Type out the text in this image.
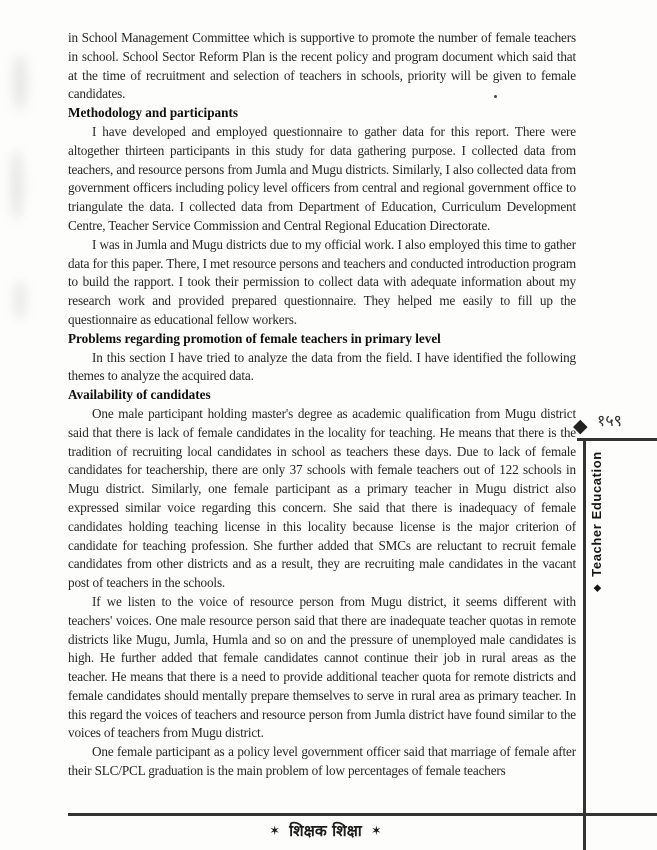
in School Management Committee which is supportive to promote the number of female teachers in school. School Sector Reform Plan is the recent policy and program document which said that at the time of recruitment and selection of teachers in schools, priority will be given to female candidates.

Methodology and participants

I have developed and employed questionnaire to gather data for this report. There were altogether thirteen participants in this study for data gathering purpose. I collected data from teachers, and resource persons from Jumla and Mugu districts. Similarly, I also collected data from government officers including policy level officers from central and regional government office to triangulate the data. I collected data from Department of Education, Curriculum Development Centre, Teacher Service Commission and Central Regional Education Directorate.

I was in Jumla and Mugu districts due to my official work. I also employed this time to gather data for this paper. There, I met resource persons and teachers and conducted introduction program to build the rapport. I took their permission to collect data with adequate information about my research work and provided prepared questionnaire. They helped me easily to fill up the questionnaire as educational fellow workers.

Problems regarding promotion of female teachers in primary level

In this section I have tried to analyze the data from the field. I have identified the following themes to analyze the acquired data.

Availability of candidates

One male participant holding master's degree as academic qualification from Mugu district said that there is lack of female candidates in the locality for teaching. He means that there is the tradition of recruiting local candidates in school as teachers these days. Due to lack of female candidates for teachership, there are only 37 schools with female teachers out of 122 schools in Mugu district. Similarly, one female participant as a primary teacher in Mugu district also expressed similar voice regarding this concern. She said that there is inadequacy of female candidates holding teaching license in this locality because license is the major criterion of candidate for teaching profession. She further added that SMCs are reluctant to recruit female candidates from other districts and as a result, they are recruiting male candidates in the vacant post of teachers in the schools.

If we listen to the voice of resource person from Mugu district, it seems different with teachers' voices. One male resource person said that there are inadequate teacher quotas in remote districts like Mugu, Jumla, Humla and so on and the pressure of unemployed male candidates is high. He further added that female candidates cannot continue their job in rural areas as the teacher. He means that there is a need to provide additional teacher quota for remote districts and female candidates should mentally prepare themselves to serve in rural area as primary teacher. In this regard the voices of teachers and resource person from Jumla district have found similar to the voices of teachers from Mugu district.

One female participant as a policy level government officer said that marriage of female after their SLC/PCL graduation is the main problem of low percentages of female teachers

◆ १५९
◆Teacher Education
✶ शिक्षक शिक्षा ✶
